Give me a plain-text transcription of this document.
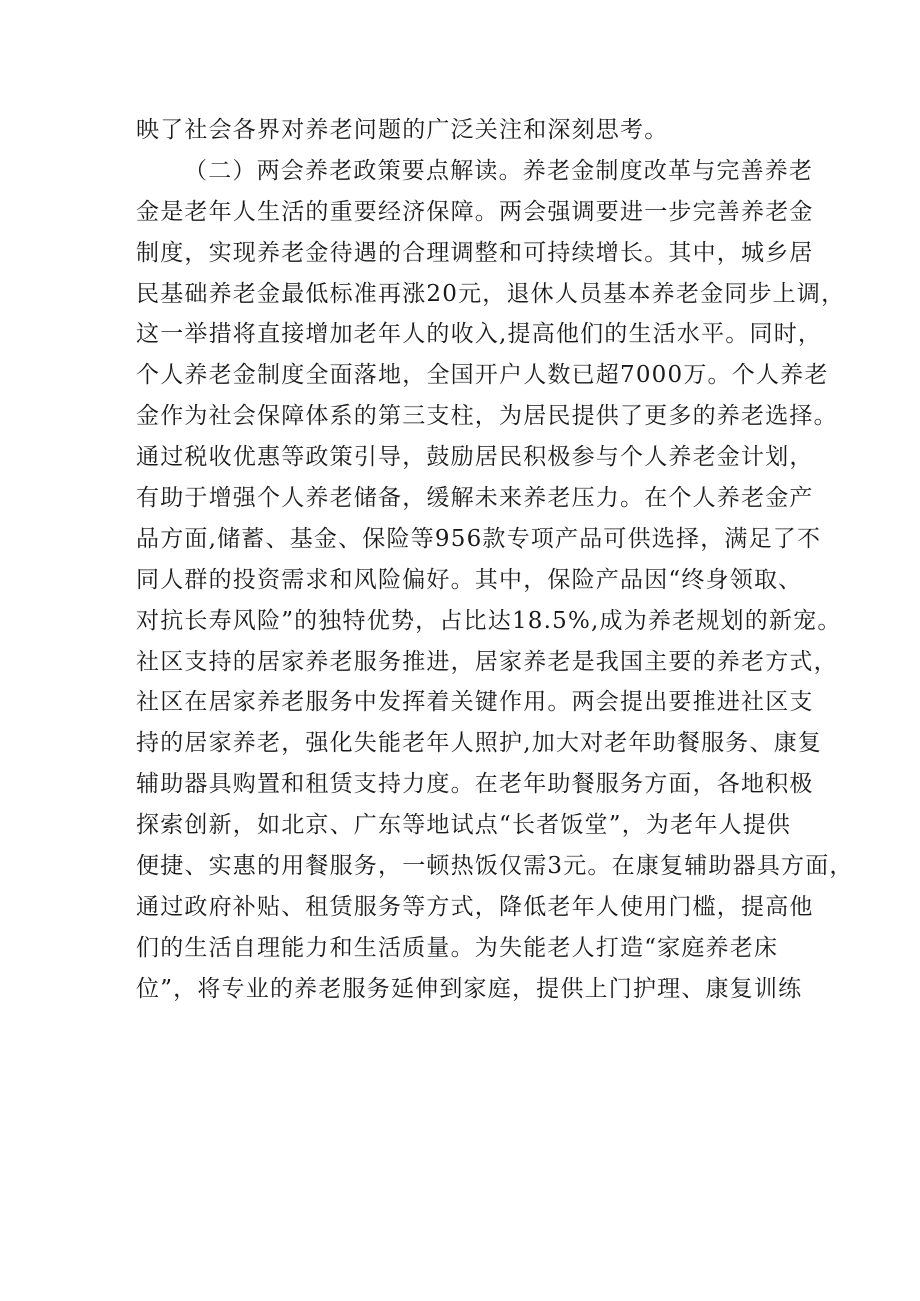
映了社会各界对养老问题的广泛关注和深刻思考。
（二）两会养老政策要点解读。养老金制度改革与完善养老
金是老年人生活的重要经济保障。两会强调要进一步完善养老金
制度，实现养老金待遇的合理调整和可持续增长。其中，城乡居
民基础养老金最低标准再涨20元，退休人员基本养老金同步上调，
这一举措将直接增加老年人的收入,提高他们的生活水平。同时，
个人养老金制度全面落地，全国开户人数已超7000万。个人养老
金作为社会保障体系的第三支柱，为居民提供了更多的养老选择。
通过税收优惠等政策引导，鼓励居民积极参与个人养老金计划，
有助于增强个人养老储备，缓解未来养老压力。在个人养老金产
品方面,储蓄、基金、保险等956款专项产品可供选择，满足了不
同人群的投资需求和风险偏好。其中，保险产品因“终身领取、
对抗长寿风险”的独特优势，占比达18.5%,成为养老规划的新宠。
社区支持的居家养老服务推进，居家养老是我国主要的养老方式，
社区在居家养老服务中发挥着关键作用。两会提出要推进社区支
持的居家养老，强化失能老年人照护,加大对老年助餐服务、康复
辅助器具购置和租赁支持力度。在老年助餐服务方面，各地积极
探索创新，如北京、广东等地试点“长者饭堂”，为老年人提供
便捷、实惠的用餐服务，一顿热饭仅需3元。在康复辅助器具方面，
通过政府补贴、租赁服务等方式，降低老年人使用门槛，提高他
们的生活自理能力和生活质量。为失能老人打造“家庭养老床
位”，将专业的养老服务延伸到家庭，提供上门护理、康复训练
